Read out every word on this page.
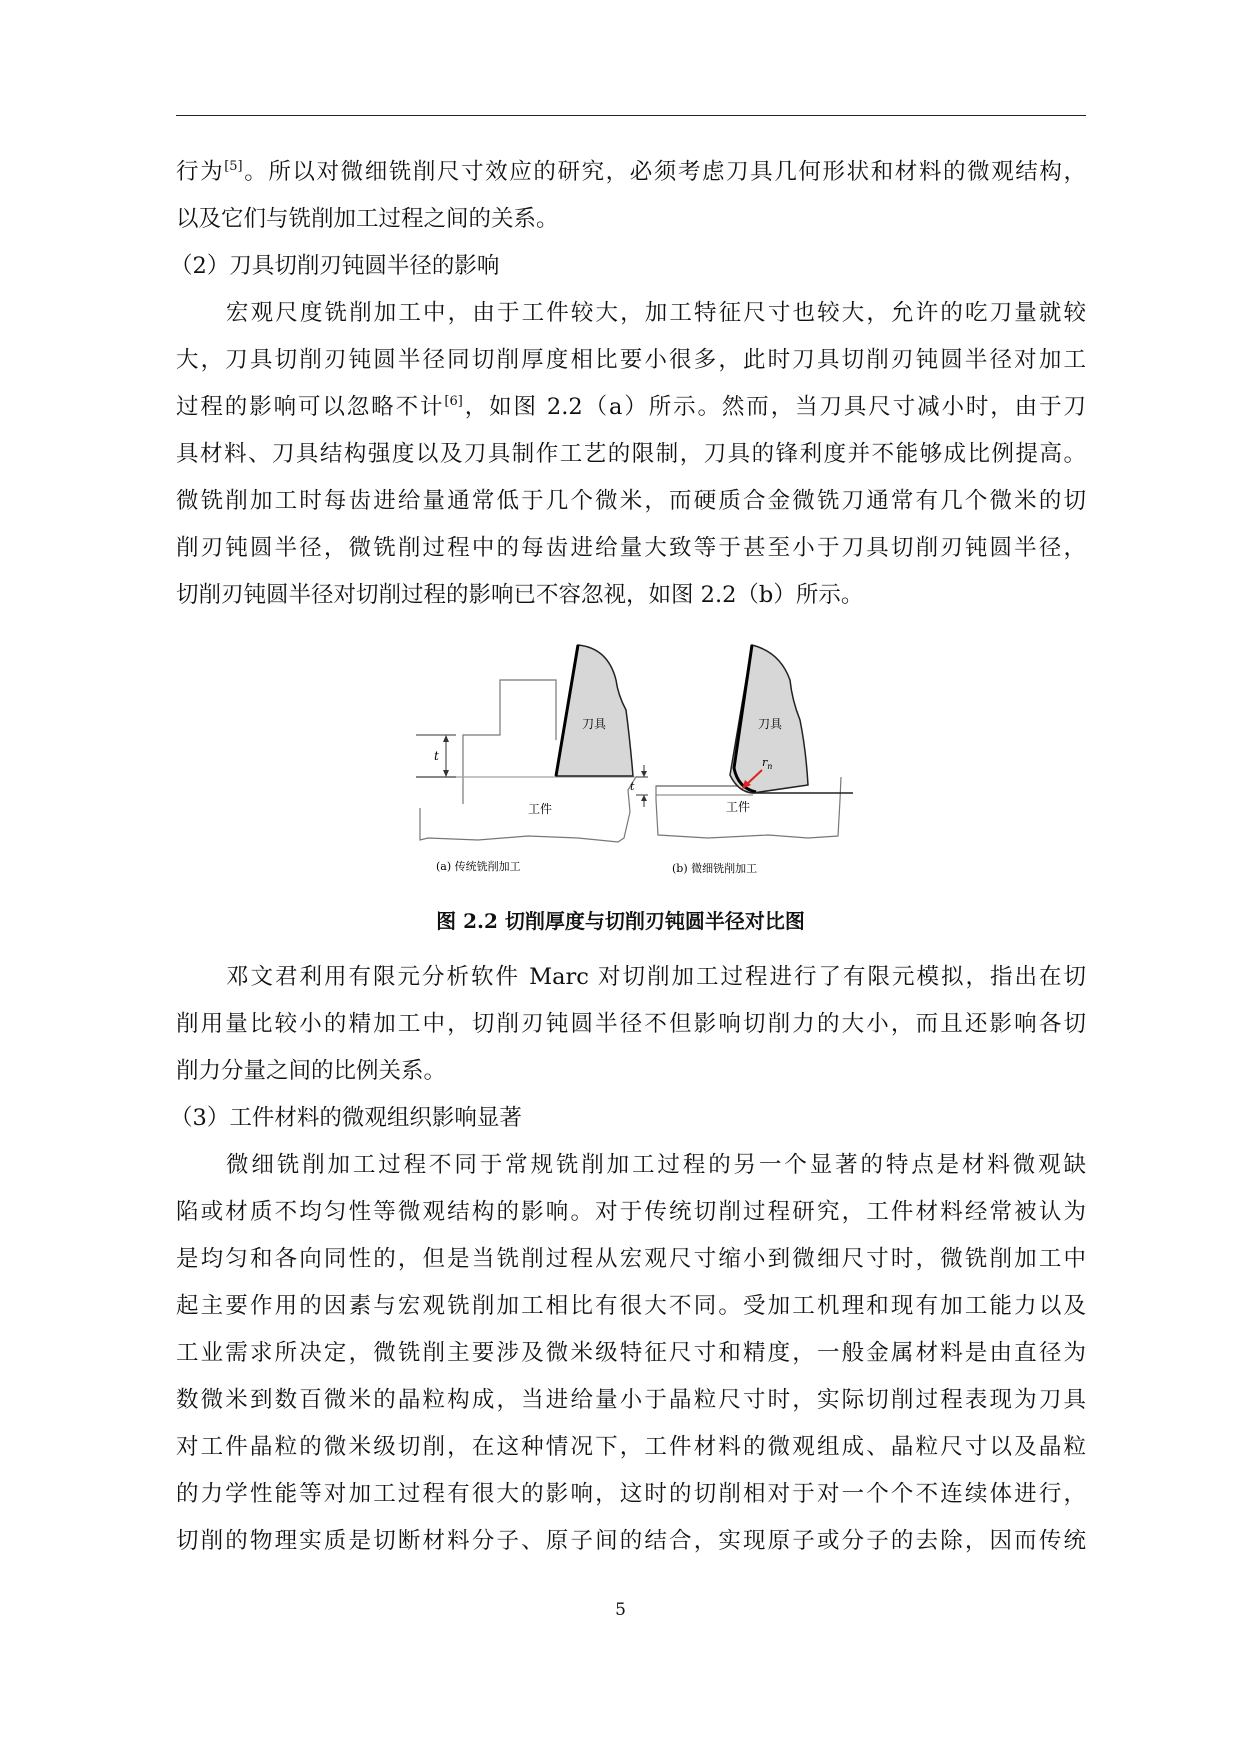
行为[5]。所以对微细铣削尺寸效应的研究，必须考虑刀具几何形状和材料的微观结构，
以及它们与铣削加工过程之间的关系。
（2）刀具切削刃钝圆半径的影响
宏观尺度铣削加工中，由于工件较大，加工特征尺寸也较大，允许的吃刀量就较
大，刀具切削刃钝圆半径同切削厚度相比要小很多，此时刀具切削刃钝圆半径对加工
过程的影响可以忽略不计[6]，如图 2.2（a）所示。然而，当刀具尺寸减小时，由于刀
具材料、刀具结构强度以及刀具制作工艺的限制，刀具的锋利度并不能够成比例提高。
微铣削加工时每齿进给量通常低于几个微米，而硬质合金微铣刀通常有几个微米的切
削刃钝圆半径，微铣削过程中的每齿进给量大致等于甚至小于刀具切削刃钝圆半径，
切削刃钝圆半径对切削过程的影响已不容忽视，如图 2.2（b）所示。
t
刀具
工件
(a) 传统铣削加工
$r_n$
t
刀具
工件
(b) 微细铣削加工
图 2.2 切削厚度与切削刃钝圆半径对比图
邓文君利用有限元分析软件 Marc 对切削加工过程进行了有限元模拟，指出在切
削用量比较小的精加工中，切削刃钝圆半径不但影响切削力的大小，而且还影响各切
削力分量之间的比例关系。
（3）工件材料的微观组织影响显著
微细铣削加工过程不同于常规铣削加工过程的另一个显著的特点是材料微观缺
陷或材质不均匀性等微观结构的影响。对于传统切削过程研究，工件材料经常被认为
是均匀和各向同性的，但是当铣削过程从宏观尺寸缩小到微细尺寸时，微铣削加工中
起主要作用的因素与宏观铣削加工相比有很大不同。受加工机理和现有加工能力以及
工业需求所决定，微铣削主要涉及微米级特征尺寸和精度，一般金属材料是由直径为
数微米到数百微米的晶粒构成，当进给量小于晶粒尺寸时，实际切削过程表现为刀具
对工件晶粒的微米级切削，在这种情况下，工件材料的微观组成、晶粒尺寸以及晶粒
的力学性能等对加工过程有很大的影响，这时的切削相对于对一个个不连续体进行，
切削的物理实质是切断材料分子、原子间的结合，实现原子或分子的去除，因而传统
5
